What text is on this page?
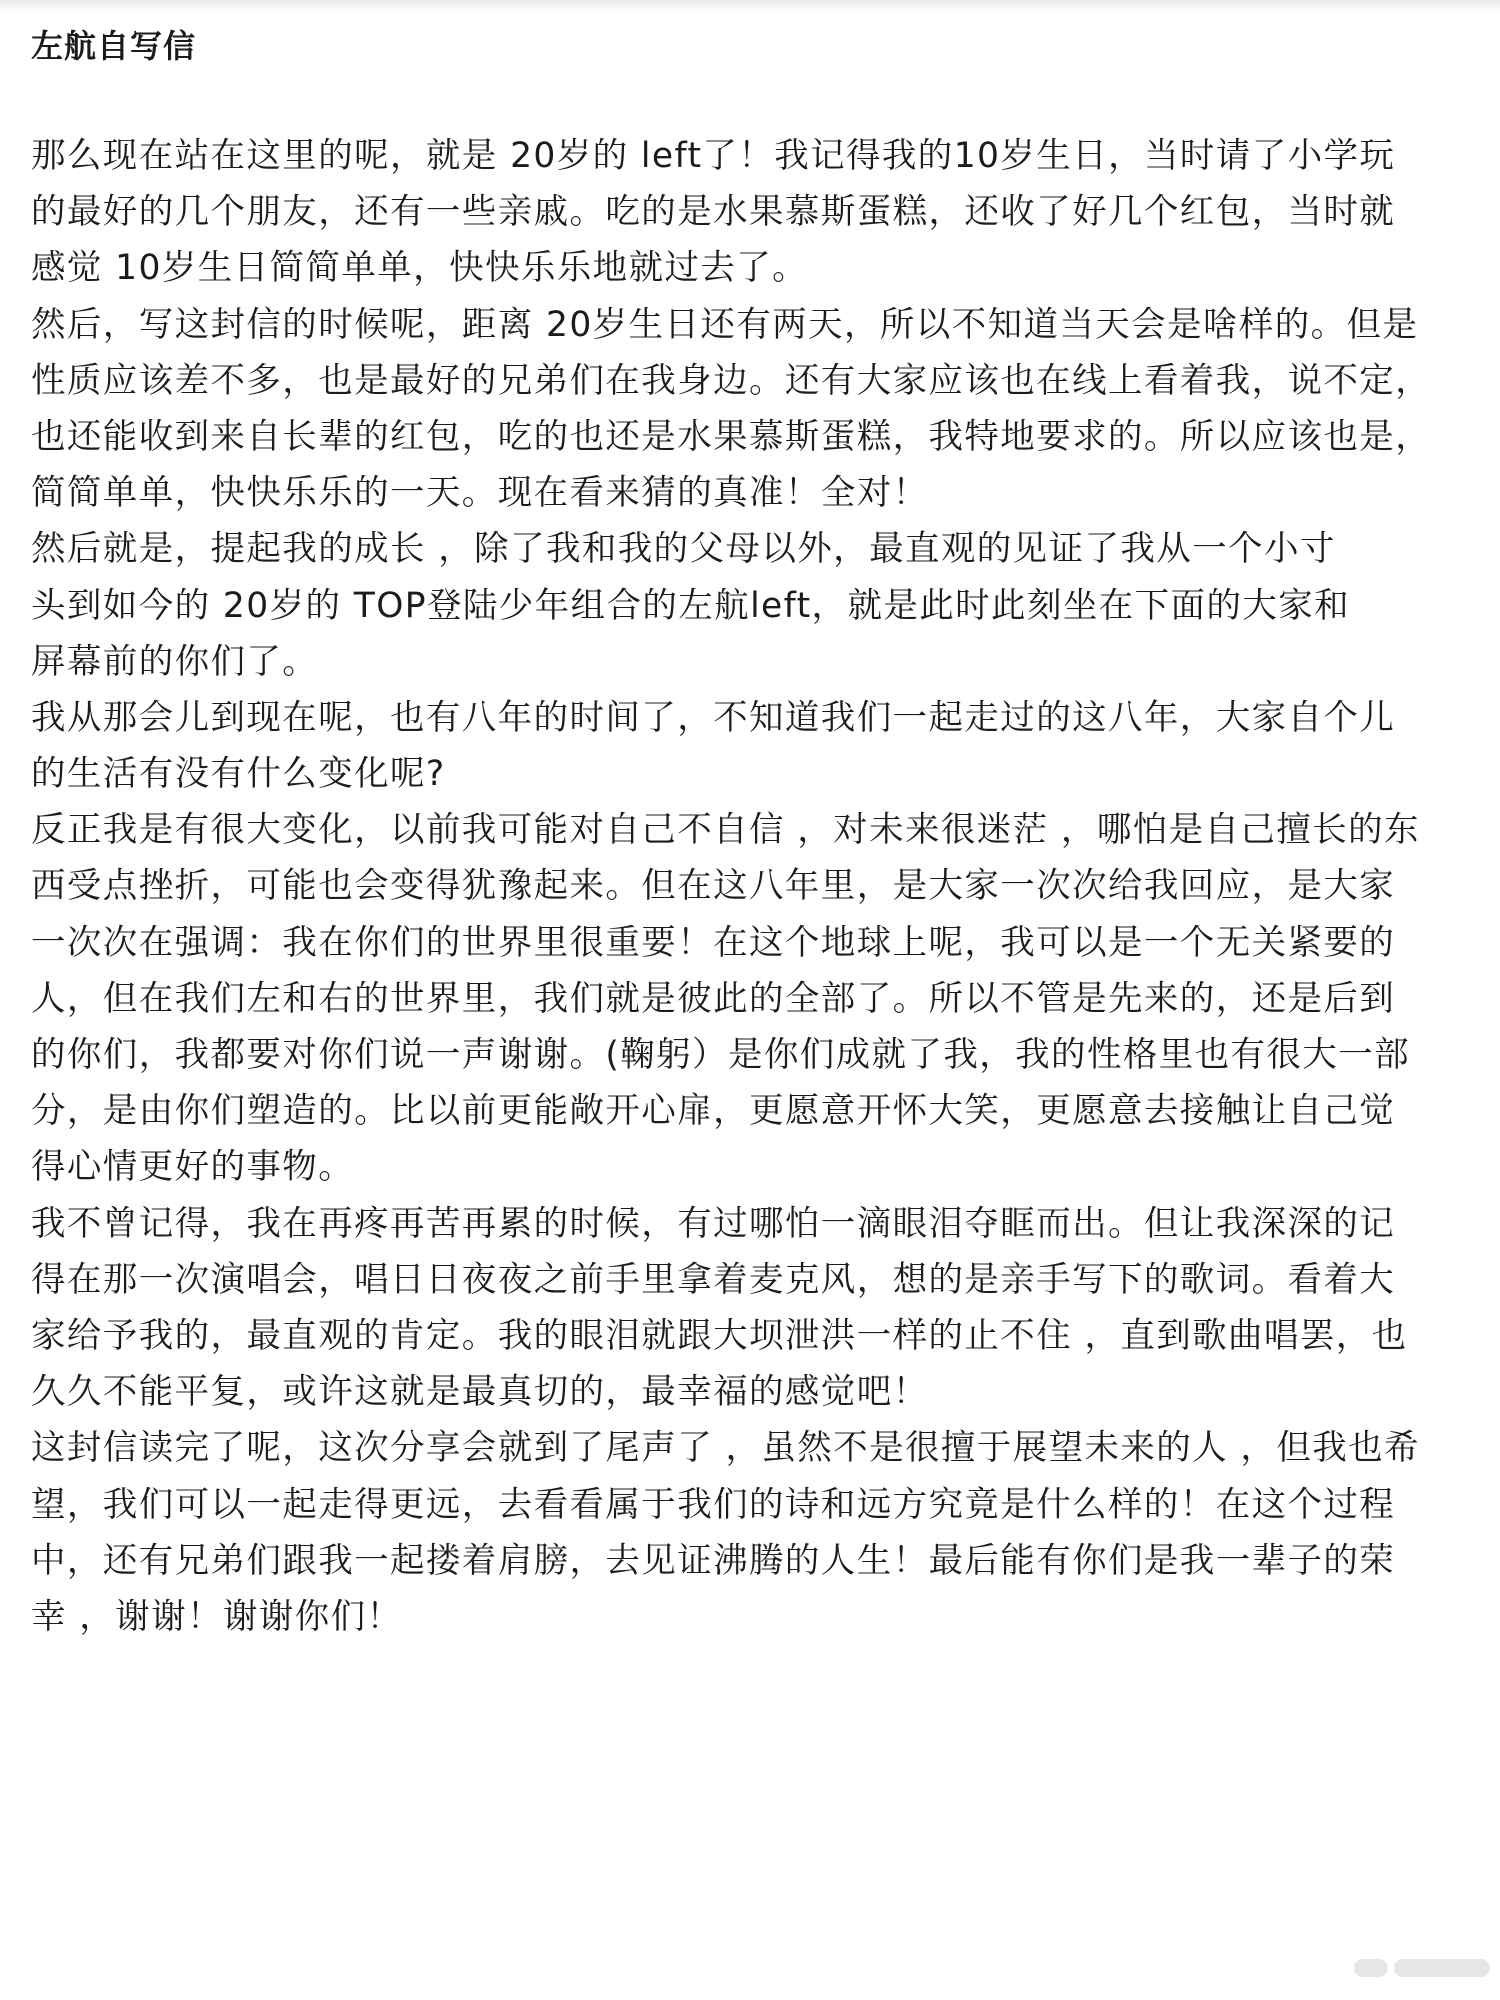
左航自写信
那么现在站在这里的呢，就是 20岁的 left了！我记得我的10岁生日，当时请了小学玩
的最好的几个朋友，还有一些亲戚。吃的是水果慕斯蛋糕，还收了好几个红包，当时就
感觉 10岁生日简简单单，快快乐乐地就过去了。
然后，写这封信的时候呢，距离 20岁生日还有两天，所以不知道当天会是啥样的。但是
性质应该差不多，也是最好的兄弟们在我身边。还有大家应该也在线上看着我，说不定，
也还能收到来自长辈的红包，吃的也还是水果慕斯蛋糕，我特地要求的。所以应该也是，
简简单单，快快乐乐的一天。现在看来猜的真准！全对！
然后就是，提起我的成长 ，除了我和我的父母以外，最直观的见证了我从一个小寸
头到如今的 20岁的 TOP登陆少年组合的左航left，就是此时此刻坐在下面的大家和
屏幕前的你们了。
我从那会儿到现在呢，也有八年的时间了，不知道我们一起走过的这八年，大家自个儿
的生活有没有什么变化呢?
反正我是有很大变化，以前我可能对自己不自信 ，对未来很迷茫 ，哪怕是自己擅长的东
西受点挫折，可能也会变得犹豫起来。但在这八年里，是大家一次次给我回应，是大家
一次次在强调：我在你们的世界里很重要！在这个地球上呢，我可以是一个无关紧要的
人，但在我们左和右的世界里，我们就是彼此的全部了。所以不管是先来的，还是后到
的你们，我都要对你们说一声谢谢。(鞠躬）是你们成就了我，我的性格里也有很大一部
分，是由你们塑造的。比以前更能敞开心扉，更愿意开怀大笑，更愿意去接触让自己觉
得心情更好的事物。
我不曾记得，我在再疼再苦再累的时候，有过哪怕一滴眼泪夺眶而出。但让我深深的记
得在那一次演唱会，唱日日夜夜之前手里拿着麦克风，想的是亲手写下的歌词。看着大
家给予我的，最直观的肯定。我的眼泪就跟大坝泄洪一样的止不住 ，直到歌曲唱罢，也
久久不能平复，或许这就是最真切的，最幸福的感觉吧！
这封信读完了呢，这次分享会就到了尾声了 ，虽然不是很擅于展望未来的人 ，但我也希
望，我们可以一起走得更远，去看看属于我们的诗和远方究竟是什么样的！在这个过程
中，还有兄弟们跟我一起搂着肩膀，去见证沸腾的人生！最后能有你们是我一辈子的荣
幸 ，谢谢！谢谢你们！
